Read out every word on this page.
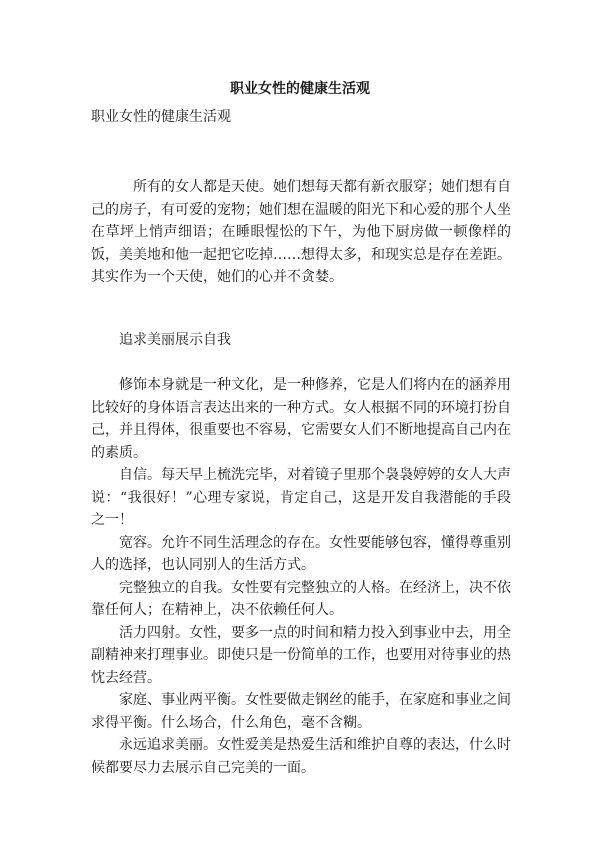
职业女性的健康生活观
职业女性的健康生活观

所有的女人都是天使。她们想每天都有新衣服穿；她们想有自己的房子，有可爱的宠物；她们想在温暖的阳光下和心爱的那个人坐在草坪上悄声细语；在睡眼惺忪的下午，为他下厨房做一顿像样的饭，美美地和他一起把它吃掉……想得太多，和现实总是存在差距。其实作为一个天使，她们的心并不贪婪。

追求美丽展示自我

修饰本身就是一种文化，是一种修养，它是人们将内在的涵养用比较好的身体语言表达出来的一种方式。女人根据不同的环境打扮自己，并且得体，很重要也不容易，它需要女人们不断地提高自己内在的素质。

自信。每天早上梳洗完毕，对着镜子里那个袅袅婷婷的女人大声说：“我很好！”心理专家说，肯定自己，这是开发自我潜能的手段之一！

宽容。允许不同生活理念的存在。女性要能够包容，懂得尊重别人的选择，也认同别人的生活方式。

完整独立的自我。女性要有完整独立的人格。在经济上，决不依靠任何人；在精神上，决不依赖任何人。

活力四射。女性，要多一点的时间和精力投入到事业中去，用全副精神来打理事业。即使只是一份简单的工作，也要用对待事业的热忱去经营。

家庭、事业两平衡。女性要做走钢丝的能手，在家庭和事业之间求得平衡。什么场合，什么角色，毫不含糊。

永远追求美丽。女性爱美是热爱生活和维护自尊的表达，什么时候都要尽力去展示自己完美的一面。
